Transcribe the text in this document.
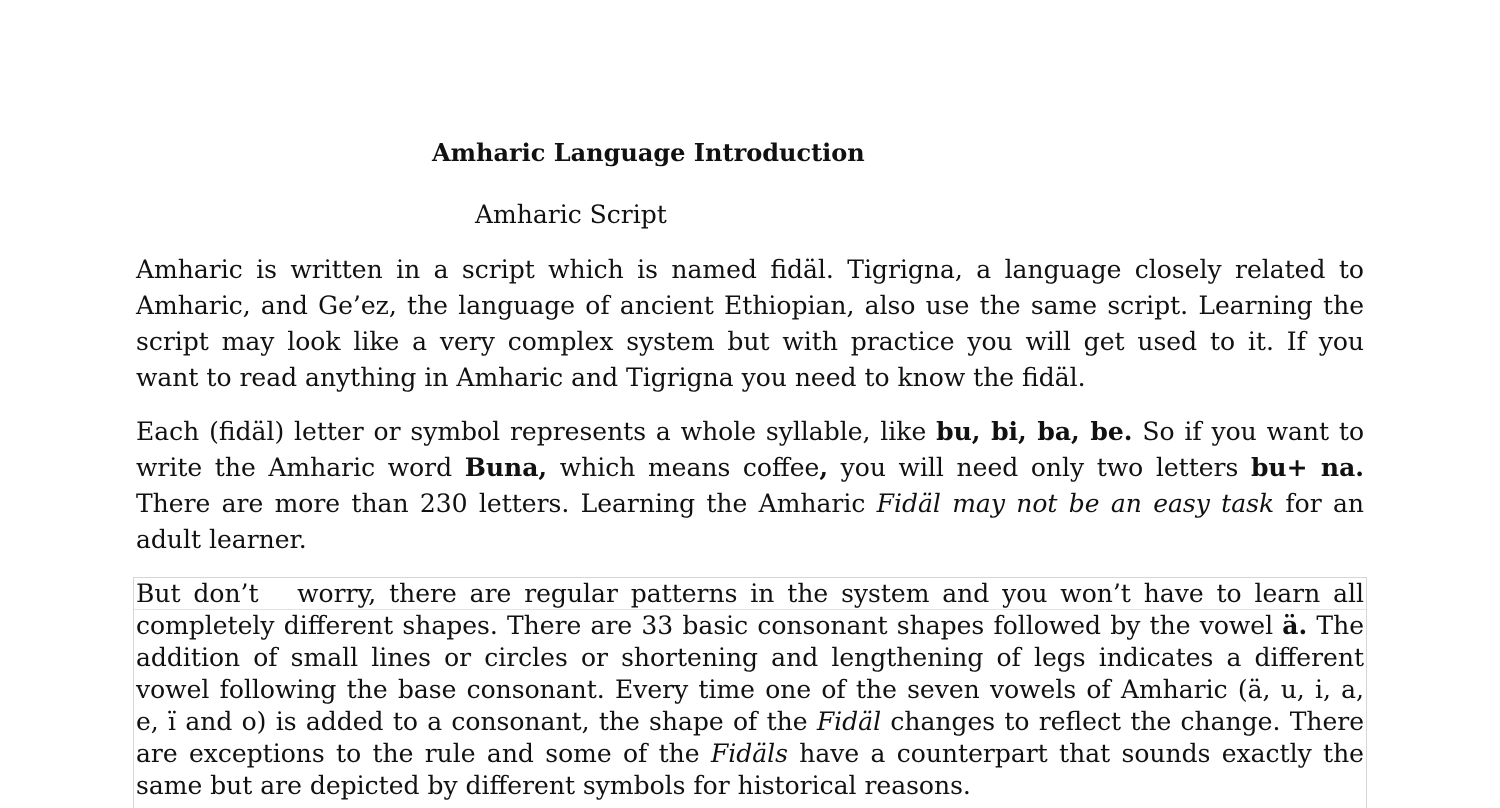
Amharic Language Introduction
Amharic Script
Amharic is written in a script which is named fidäl. Tigrigna, a language closely related to
Amharic, and Ge’ez, the language of ancient Ethiopian, also use the same script. Learning the
script may look like a very complex system but with practice you will get used to it. If you
want to read anything in Amharic and Tigrigna you need to know the fidäl.
Each (fidäl) letter or symbol represents a whole syllable, like bu, bi, ba, be. So if you want to
write the Amharic word Buna, which means coffee, you will need only two letters bu+ na.
There are more than 230 letters. Learning the Amharic Fidäl may not be an easy task for an
adult learner.
But don’t   worry, there are regular patterns in the system and you won’t have to learn all
completely different shapes. There are 33 basic consonant shapes followed by the vowel ä. The
addition of small lines or circles or shortening and lengthening of legs indicates a different
vowel following the base consonant. Every time one of the seven vowels of Amharic (ä, u, i, a,
e, ï and o) is added to a consonant, the shape of the Fidäl changes to reflect the change. There
are exceptions to the rule and some of the Fidäls have a counterpart that sounds exactly the
same but are depicted by different symbols for historical reasons.
